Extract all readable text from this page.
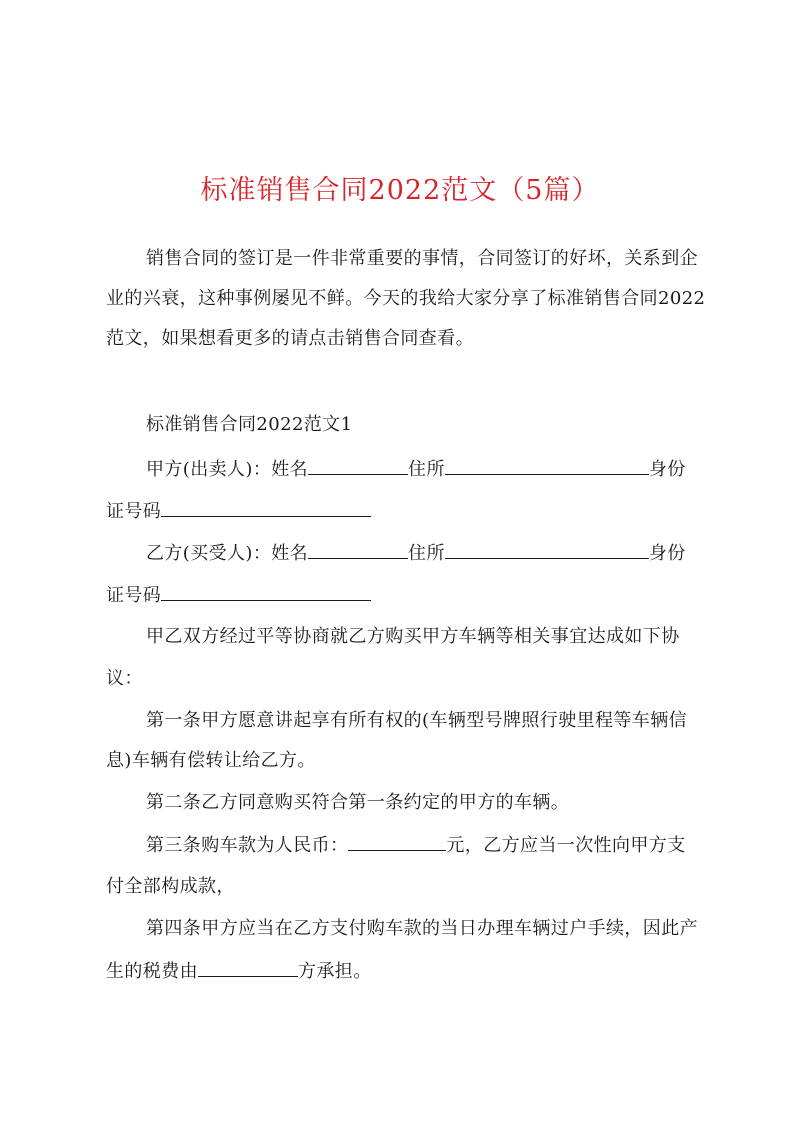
标准销售合同2022范文（5篇）
销售合同的签订是一件非常重要的事情，合同签订的好坏，关系到企
业的兴衰，这种事例屡见不鲜。今天的我给大家分享了标准销售合同2022
范文，如果想看更多的请点击销售合同查看。
标准销售合同2022范文1
甲方(出卖人)：姓名	住所	身份
证号码
乙方(买受人)：姓名	住所	身份
证号码
甲乙双方经过平等协商就乙方购买甲方车辆等相关事宜达成如下协
议：
第一条甲方愿意讲起享有所有权的(车辆型号牌照行驶里程等车辆信
息)车辆有偿转让给乙方。
第二条乙方同意购买符合第一条约定的甲方的车辆。
第三条购车款为人民币：	元，乙方应当一次性向甲方支
付全部构成款，
第四条甲方应当在乙方支付购车款的当日办理车辆过户手续，因此产
生的税费由	方承担。
